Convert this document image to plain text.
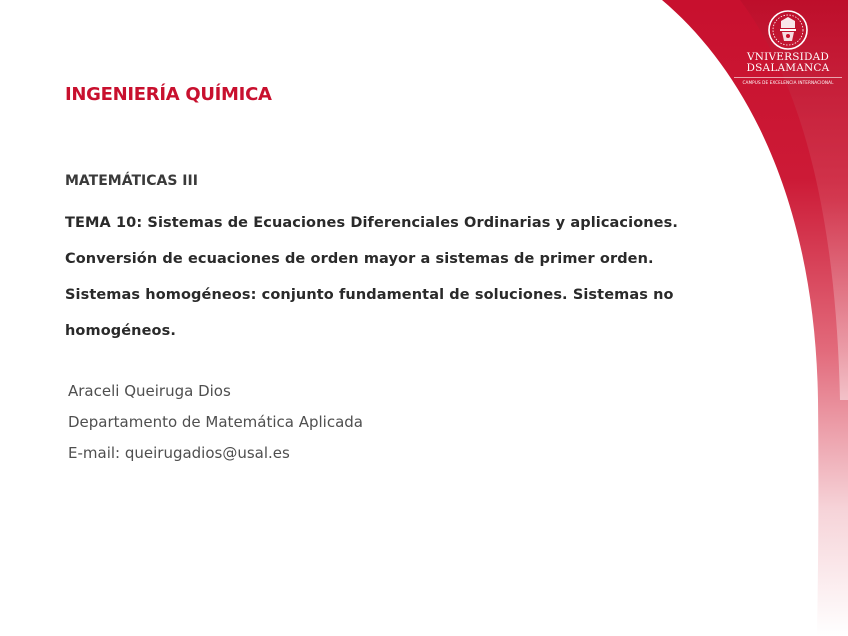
VNIVERSIDAD
DSALAMANCA
CAMPUS DE EXCELENCIA INTERNACIONAL
INGENIERÍA QUÍMICA
MATEMÁTICAS III
TEMA 10: Sistemas de Ecuaciones Diferenciales Ordinarias y aplicaciones.
Conversión de ecuaciones de orden mayor a sistemas de primer orden.
Sistemas homogéneos: conjunto fundamental de soluciones. Sistemas no
homogéneos.
Araceli Queiruga Dios
Departamento de Matemática Aplicada
E-mail: queirugadios@usal.es
